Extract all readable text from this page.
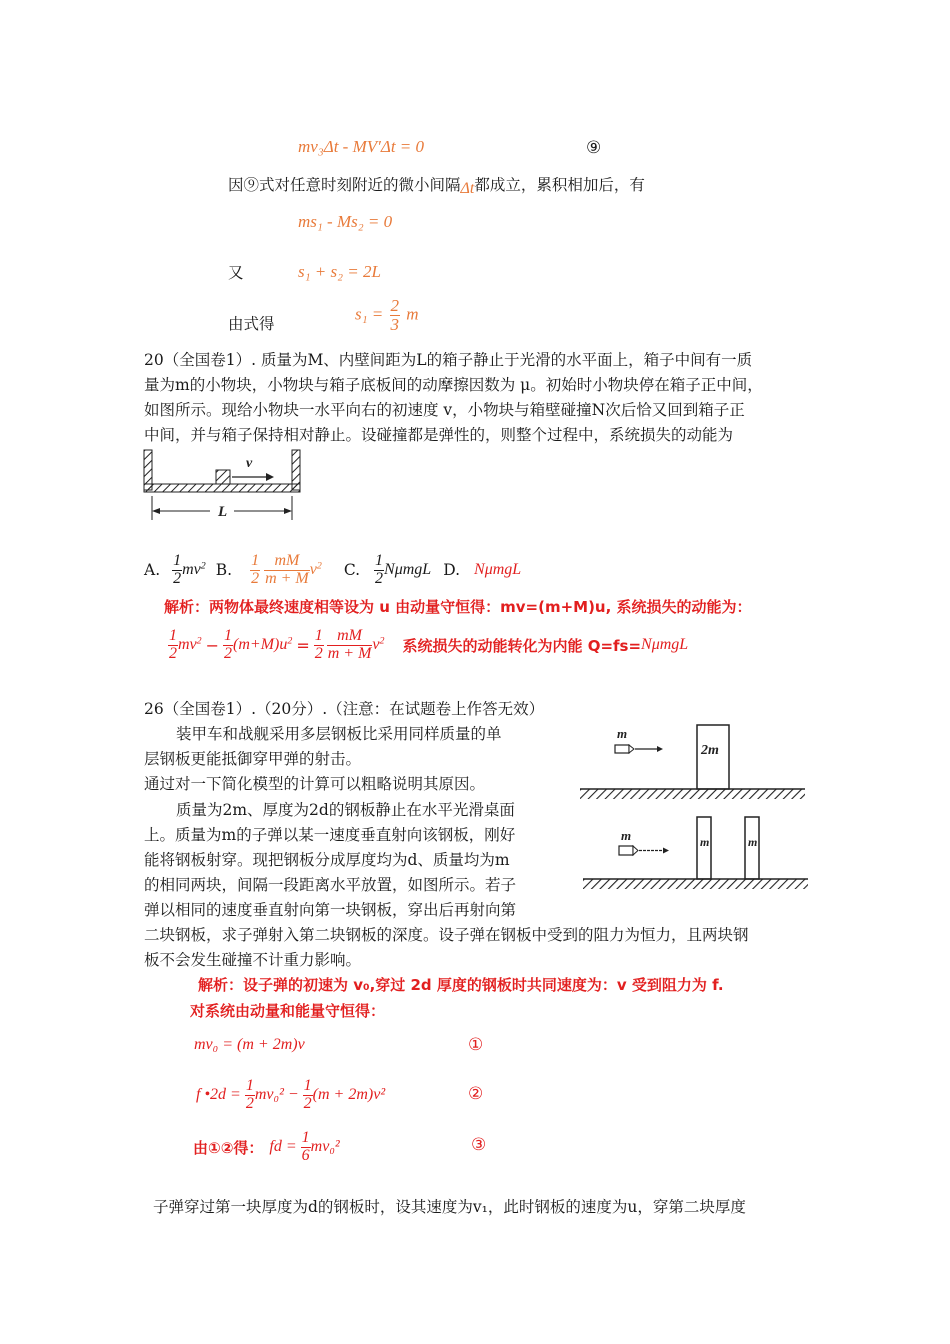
mv₃Δt - MV′Δt = 0	⑨
因⑨式对任意时刻附近的微小间隔Δt都成立，累积相加后，有
ms₁ - Ms₂ = 0
又	s₁ + s₂ = 2L
由式得
$s_1 = \frac{2}{3}$ m
20（全国卷1）. 质量为M、内壁间距为L的箱子静止于光滑的水平面上，箱子中间有一质
量为m的小物块，小物块与箱子底板间的动摩擦因数为 μ。初始时小物块停在箱子正中间，
如图所示。现给小物块一水平向右的初速度 v，小物块与箱壁碰撞N次后恰又回到箱子正
中间，并与箱子保持相对静止。设碰撞都是弹性的，则整个过程中，系统损失的动能为
v
L
A. $\frac{1}{2} mv^2$ B. $\frac{1}{2} \frac{mM}{m + M} v^2$ C. $\frac{1}{2}$ NμmgL D. NμmgL
解析：两物体最终速度相等设为 u 由动量守恒得：mv=(m+M)u, 系统损失的动能为：
$\frac{1}{2} mv^2 - \frac{1}{2} (m+M)u^2 = \frac{1}{2} \frac{mM}{m + M} v^2$ 系统损失的动能转化为内能 Q=fs= NμmgL
26（全国卷1）.（20分）.（注意：在试题卷上作答无效）
装甲车和战舰采用多层钢板比采用同样质量的单
层钢板更能抵御穿甲弹的射击。
通过对一下简化模型的计算可以粗略说明其原因。
质量为2m、厚度为2d的钢板静止在水平光滑桌面
上。质量为m的子弹以某一速度垂直射向该钢板，刚好
能将钢板射穿。现把钢板分成厚度均为d、质量均为m
的相同两块，间隔一段距离水平放置，如图所示。若子
弹以相同的速度垂直射向第一块钢板，穿出后再射向第
二块钢板，求子弹射入第二块钢板的深度。设子弹在钢板中受到的阻力为恒力，且两块钢
板不会发生碰撞不计重力影响。
m
2m
m	m	m
解析：设子弹的初速为 v₀,穿过 2d 厚度的钢板时共同速度为：v 受到阻力为 f.
对系统由动量和能量守恒得：
mv₀ = (m + 2m)v	①
f •2d = $\frac{1}{2} mv_0^2 - \frac{1}{2} (m + 2m)v^2$	②
由①②得： fd = $\frac{1}{6} mv_0^2$	③
子弹穿过第一块厚度为d的钢板时，设其速度为v₁，此时钢板的速度为u，穿第二块厚度
